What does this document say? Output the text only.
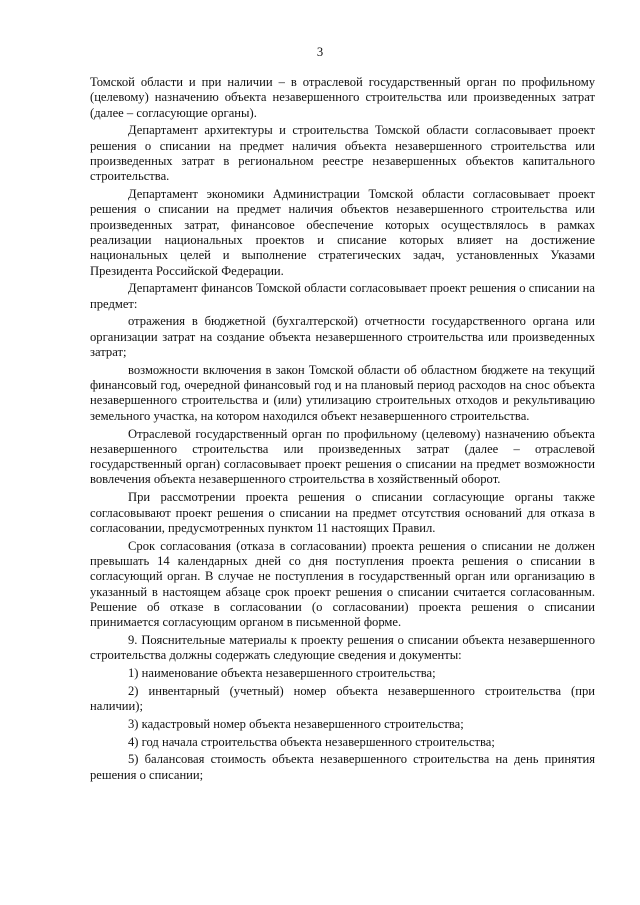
3

Томской области и при наличии – в отраслевой государственный орган по профильному (целевому) назначению объекта незавершенного строительства или произведенных затрат (далее – согласующие органы).

Департамент архитектуры и строительства Томской области согласовывает проект решения о списании на предмет наличия объекта незавершенного строительства или произведенных затрат в региональном реестре незавершенных объектов капитального строительства.

Департамент экономики Администрации Томской области согласовывает проект решения о списании на предмет наличия объектов незавершенного строительства или произведенных затрат, финансовое обеспечение которых осуществлялось в рамках реализации национальных проектов и списание которых влияет на достижение национальных целей и выполнение стратегических задач, установленных Указами Президента Российской Федерации.

Департамент финансов Томской области согласовывает проект решения о списании на предмет:

отражения в бюджетной (бухгалтерской) отчетности государственного органа или организации затрат на создание объекта незавершенного строительства или произведенных затрат;

возможности включения в закон Томской области об областном бюджете на текущий финансовый год, очередной финансовый год и на плановый период расходов на снос объекта незавершенного строительства и (или) утилизацию строительных отходов и рекультивацию земельного участка, на котором находился объект незавершенного строительства.

Отраслевой государственный орган по профильному (целевому) назначению объекта незавершенного строительства или произведенных затрат (далее – отраслевой государственный орган) согласовывает проект решения о списании на предмет возможности вовлечения объекта незавершенного строительства в хозяйственный оборот.

При рассмотрении проекта решения о списании согласующие органы также согласовывают проект решения о списании на предмет отсутствия оснований для отказа в согласовании, предусмотренных пунктом 11 настоящих Правил.

Срок согласования (отказа в согласовании) проекта решения о списании не должен превышать 14 календарных дней со дня поступления проекта решения о списании в согласующий орган. В случае не поступления в государственный орган или организацию в указанный в настоящем абзаце срок проект решения о списании считается согласованным. Решение об отказе в согласовании (о согласовании) проекта решения о списании принимается согласующим органом в письменной форме.

9. Пояснительные материалы к проекту решения о списании объекта незавершенного строительства должны содержать следующие сведения и документы:

1) наименование объекта незавершенного строительства;

2) инвентарный (учетный) номер объекта незавершенного строительства (при наличии);

3) кадастровый номер объекта незавершенного строительства;

4) год начала строительства объекта незавершенного строительства;

5) балансовая стоимость объекта незавершенного строительства на день принятия решения о списании;
